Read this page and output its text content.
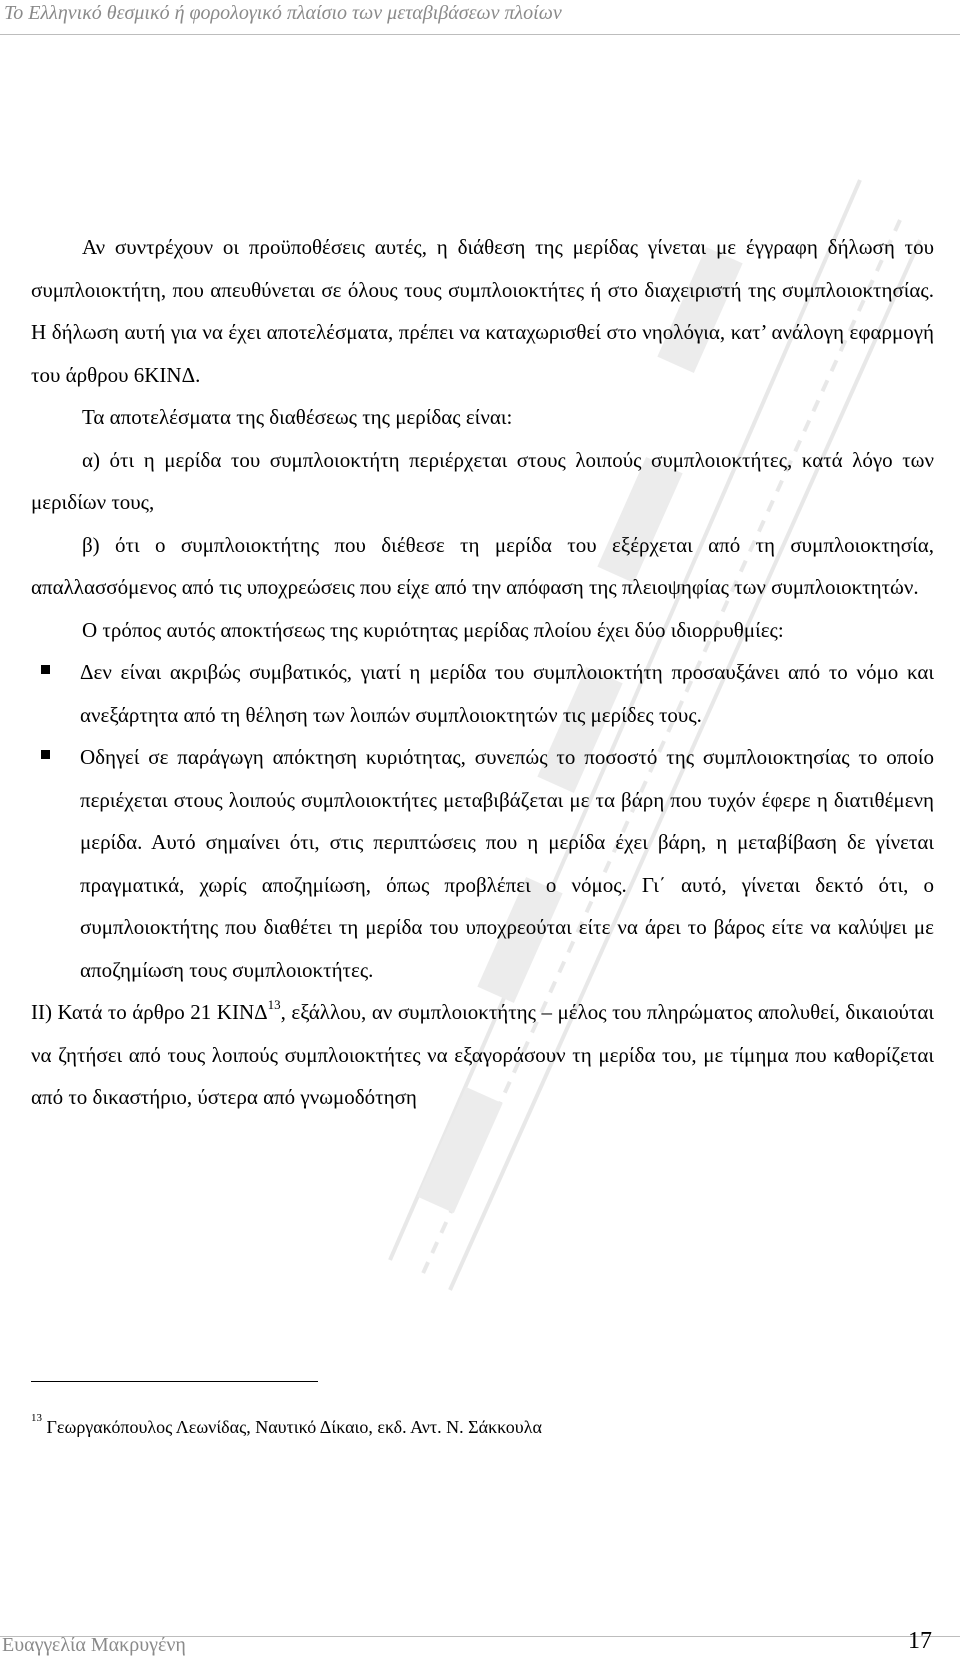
Το Ελληνικό θεσμικό ή φορολογικό πλαίσιο των μεταβιβάσεων πλοίων

Αν συντρέχουν οι προϋποθέσεις αυτές, η διάθεση της μερίδας γίνεται με έγγραφη δήλωση του συμπλοιοκτήτη, που απευθύνεται σε όλους τους συμπλοιοκτήτες ή στο διαχειριστή της συμπλοιοκτησίας. Η δήλωση αυτή για να έχει αποτελέσματα, πρέπει να καταχωρισθεί στο νηολόγια, κατ’ ανάλογη εφαρμογή του άρθρου 6ΚΙΝΔ.

Τα αποτελέσματα της διαθέσεως της μερίδας είναι:

α) ότι η μερίδα του συμπλοιοκτήτη περιέρχεται στους λοιπούς συμπλοιοκτήτες, κατά λόγο των μεριδίων τους,

β) ότι ο συμπλοιοκτήτης που διέθεσε τη μερίδα του εξέρχεται από τη συμπλοιοκτησία, απαλλασσόμενος από τις υποχρεώσεις που είχε από την απόφαση της πλειοψηφίας των συμπλοιοκτητών.

Ο τρόπος αυτός αποκτήσεως της κυριότητας μερίδας πλοίου έχει δύο ιδιορρυθμίες:

Δεν είναι ακριβώς συμβατικός, γιατί η μερίδα του συμπλοιοκτήτη προσαυξάνει από το νόμο και ανεξάρτητα από τη θέληση των λοιπών συμπλοιοκτητών τις μερίδες τους.
Οδηγεί σε παράγωγη απόκτηση κυριότητας, συνεπώς το ποσοστό της συμπλοιοκτησίας το οποίο περιέχεται στους λοιπούς συμπλοιοκτήτες μεταβιβάζεται με τα βάρη που τυχόν έφερε η διατιθέμενη μερίδα. Αυτό σημαίνει ότι, στις περιπτώσεις που η μερίδα έχει βάρη, η μεταβίβαση δε γίνεται πραγματικά, χωρίς αποζημίωση, όπως προβλέπει ο νόμος. Γι΄ αυτό, γίνεται δεκτό ότι, ο συμπλοιοκτήτης που διαθέτει τη μερίδα του υποχρεούται είτε να άρει το βάρος είτε να καλύψει με αποζημίωση τους συμπλοιοκτήτες.

ΙΙ) Κατά το άρθρο 21 ΚΙΝΔ$^{13}$, εξάλλου, αν συμπλοιοκτήτης – μέλος του πληρώματος απολυθεί, δικαιούται να ζητήσει από τους λοιπούς συμπλοιοκτήτες να εξαγοράσουν τη μερίδα του, με τίμημα που καθορίζεται από το δικαστήριο, ύστερα από γνωμοδότηση

$^{13}$ Γεωργακόπουλος Λεωνίδας, Ναυτικό Δίκαιο, εκδ. Αντ. Ν. Σάκκουλα
Ευαγγελία Μακρυγένη	17
